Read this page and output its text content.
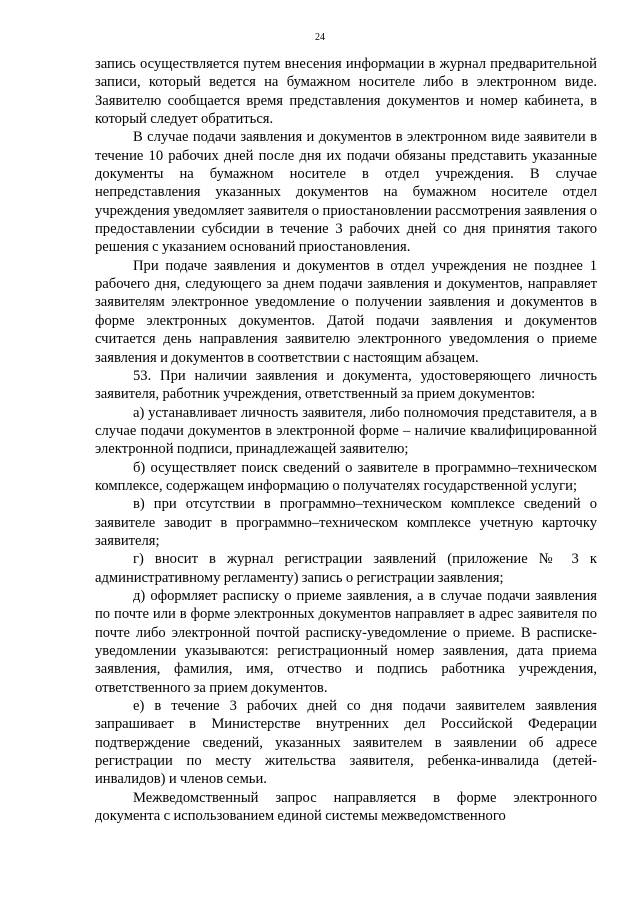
24

запись осуществляется путем внесения информации в журнал предварительной записи, который ведется на бумажном носителе либо в электронном виде. Заявителю сообщается время представления документов и номер кабинета, в который следует обратиться.

В случае подачи заявления и документов в электронном виде заявители в течение 10 рабочих дней после дня их подачи обязаны представить указанные документы на бумажном носителе в отдел учреждения. В случае непредставления указанных документов на бумажном носителе отдел учреждения уведомляет заявителя о приостановлении рассмотрения заявления о предоставлении субсидии в течение 3 рабочих дней со дня принятия такого решения с указанием оснований приостановления.

При подаче заявления и документов в отдел учреждения не позднее 1 рабочего дня, следующего за днем подачи заявления и документов, направляет заявителям электронное уведомление о получении заявления и документов в форме электронных документов. Датой подачи заявления и документов считается день направления заявителю электронного уведомления о приеме заявления и документов в соответствии с настоящим абзацем.

53. При наличии заявления и документа, удостоверяющего личность заявителя, работник учреждения, ответственный за прием документов:

а) устанавливает личность заявителя, либо полномочия представителя, а в случае подачи документов в электронной форме – наличие квалифицированной электронной подписи, принадлежащей заявителю;

б) осуществляет поиск сведений о заявителе в программно–техническом комплексе, содержащем информацию о получателях государственной услуги;

в) при отсутствии в программно–техническом комплексе сведений о заявителе заводит в программно–техническом комплексе учетную карточку заявителя;

г) вносит в журнал регистрации заявлений (приложение № 3 к административному регламенту) запись о регистрации заявления;

д) оформляет расписку о приеме заявления, а в случае подачи заявления по почте или в форме электронных документов направляет в адрес заявителя по почте либо электронной почтой расписку-уведомление о приеме. В расписке-уведомлении указываются: регистрационный номер заявления, дата приема заявления, фамилия, имя, отчество и подпись работника учреждения, ответственного за прием документов.

е) в течение 3 рабочих дней со дня подачи заявителем заявления запрашивает в Министерстве внутренних дел Российской Федерации подтверждение сведений, указанных заявителем в заявлении об адресе регистрации по месту жительства заявителя, ребенка-инвалида (детей-инвалидов) и членов семьи.

Межведомственный запрос направляется в форме электронного документа с использованием единой системы межведомственного
